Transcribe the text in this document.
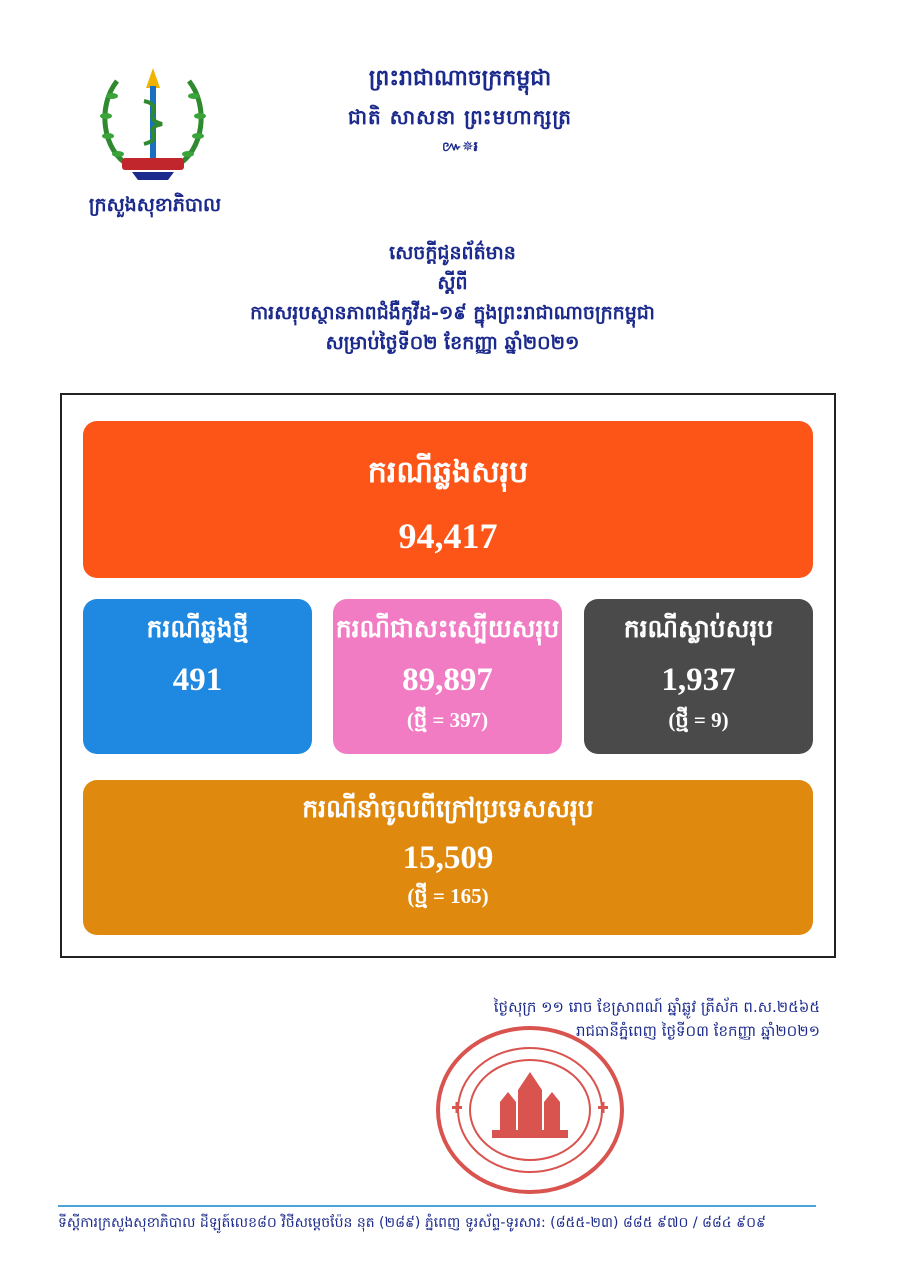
ក្រសួងសុខាភិបាល
ព្រះរាជាណាចក្រកម្ពុជា
ជាតិ សាសនា ព្រះមហាក្សត្រ
៚✵៛
សេចក្តីជូនព័ត៌មាន
ស្តីពី
ការសរុបស្ថានភាពជំងឺកូវីដ-១៩ ក្នុងព្រះរាជាណាចក្រកម្ពុជា
សម្រាប់ថ្ងៃទី០២ ខែកញ្ញា ឆ្នាំ២០២១
ករណីឆ្លងសរុប
94,417
ករណីឆ្លងថ្មី
491
ករណីជាសះស្បើយសរុប
89,897
(ថ្មី = 397)
ករណីស្លាប់សរុប
1,937
(ថ្មី = 9)
ករណីនាំចូលពីក្រៅប្រទេសសរុប
15,509
(ថ្មី = 165)
ថ្ងៃសុក្រ ១១ រោច ខែស្រាពណ៍ ឆ្នាំឆ្លូវ ត្រីស័ក ព.ស.២៥៦៥
រាជធានីភ្នំពេញ ថ្ងៃទី០៣ ខែកញ្ញា ឆ្នាំ២០២១
ទីស្តីការក្រសួងសុខាភិបាល ដីឡូត៍លេខ៨០ វិថីសម្តេចប៉ែន នុត (២៨៩) ភ្នំពេញ ទូរស័ព្ទ-ទូរសារ: (៨៥៥-២៣) ៨៨៥ ៩៧០ / ៨៨៤ ៩០៩
